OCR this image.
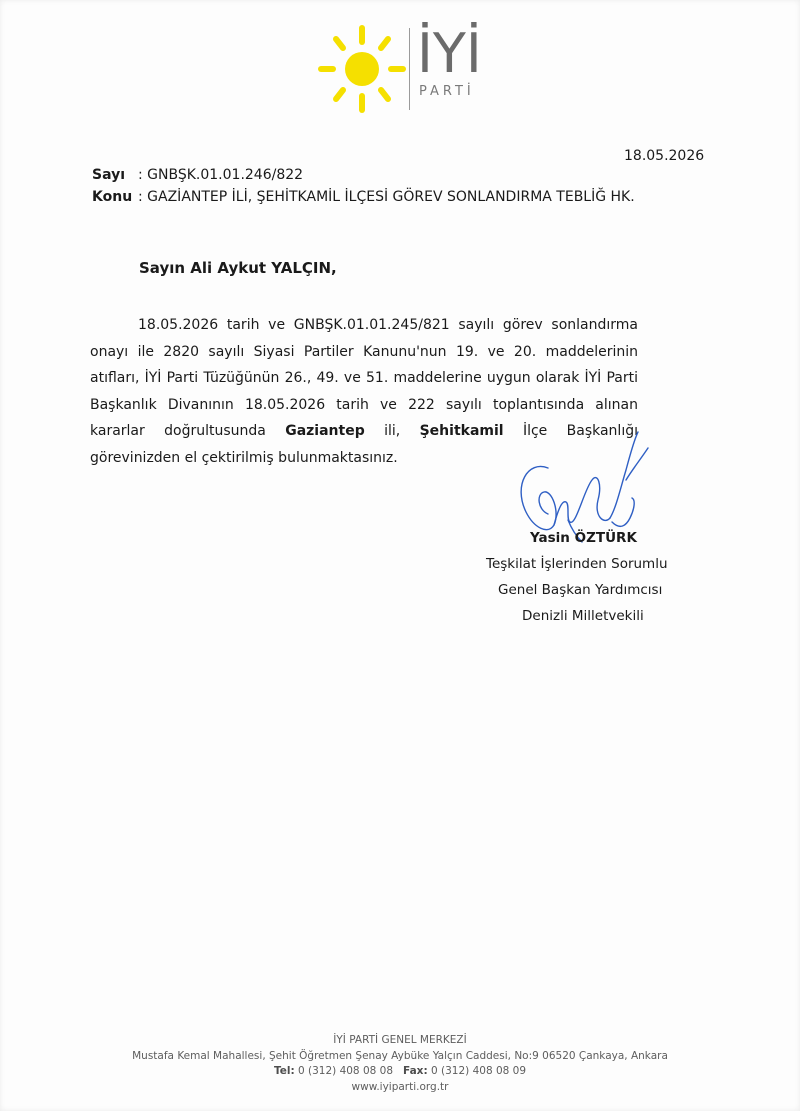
İYİ
PARTİ
18.05.2026
Sayı : GNBŞK.01.01.246/822
Konu : GAZİANTEP İLİ, ŞEHİTKAMİL İLÇESİ GÖREV SONLANDIRMA TEBLİĞ HK.
Sayın Ali Aykut YALÇIN,

18.05.2026 tarih ve GNBŞK.01.01.245/821 sayılı görev sonlandırma onayı ile 2820 sayılı Siyasi Partiler Kanunu'nun 19. ve 20. maddelerinin atıfları, İYİ Parti Tüzüğünün 26., 49. ve 51. maddelerine uygun olarak İYİ Parti Başkanlık Divanının 18.05.2026 tarih ve 222 sayılı toplantısında alınan kararlar doğrultusunda Gaziantep ili, Şehitkamil İlçe Başkanlığı görevinizden el çektirilmiş bulunmaktasınız.

Yasin ÖZTÜRK
Teşkilat İşlerinden Sorumlu
Genel Başkan Yardımcısı
Denizli Milletvekili
İYİ PARTİ GENEL MERKEZİ
Mustafa Kemal Mahallesi, Şehit Öğretmen Şenay Aybüke Yalçın Caddesi, No:9 06520 Çankaya, Ankara
Tel: 0 (312) 408 08 08 Fax: 0 (312) 408 08 09
www.iyiparti.org.tr
